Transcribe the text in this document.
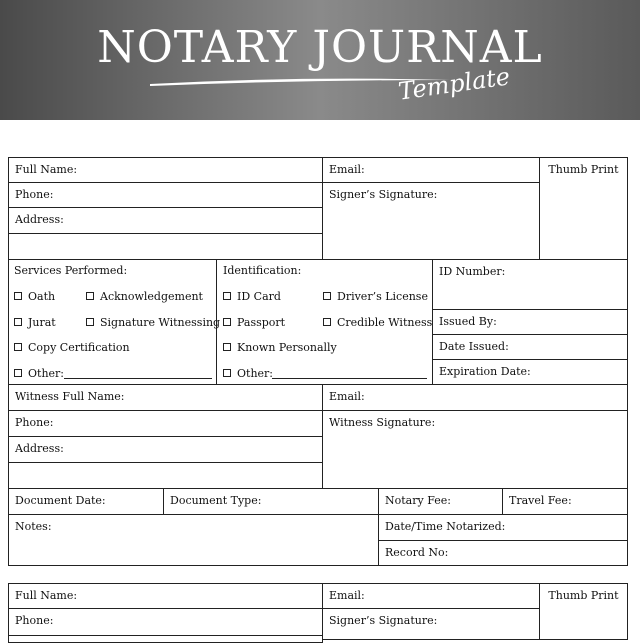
NOTARY JOURNAL
Template
Full Name:	Email:	Thumb Print
Phone:	Signer’s Signature:
Address:
Services Performed:
Oath	Acknowledgement
Jurat	Signature Witnessing
Copy Certification
Other:
Identification:
ID Card	Driver’s License
Passport	Credible Witness
Known Personally
Other:
ID Number:
Issued By:
Date Issued:
Expiration Date:
Witness Full Name:	Email:
Phone:	Witness Signature:
Address:
Document Date:	Document Type:	Notary Fee:	Travel Fee:
Notes:	Date/Time Notarized:
Record No:
Full Name:	Email:	Thumb Print
Phone:	Signer’s Signature:
